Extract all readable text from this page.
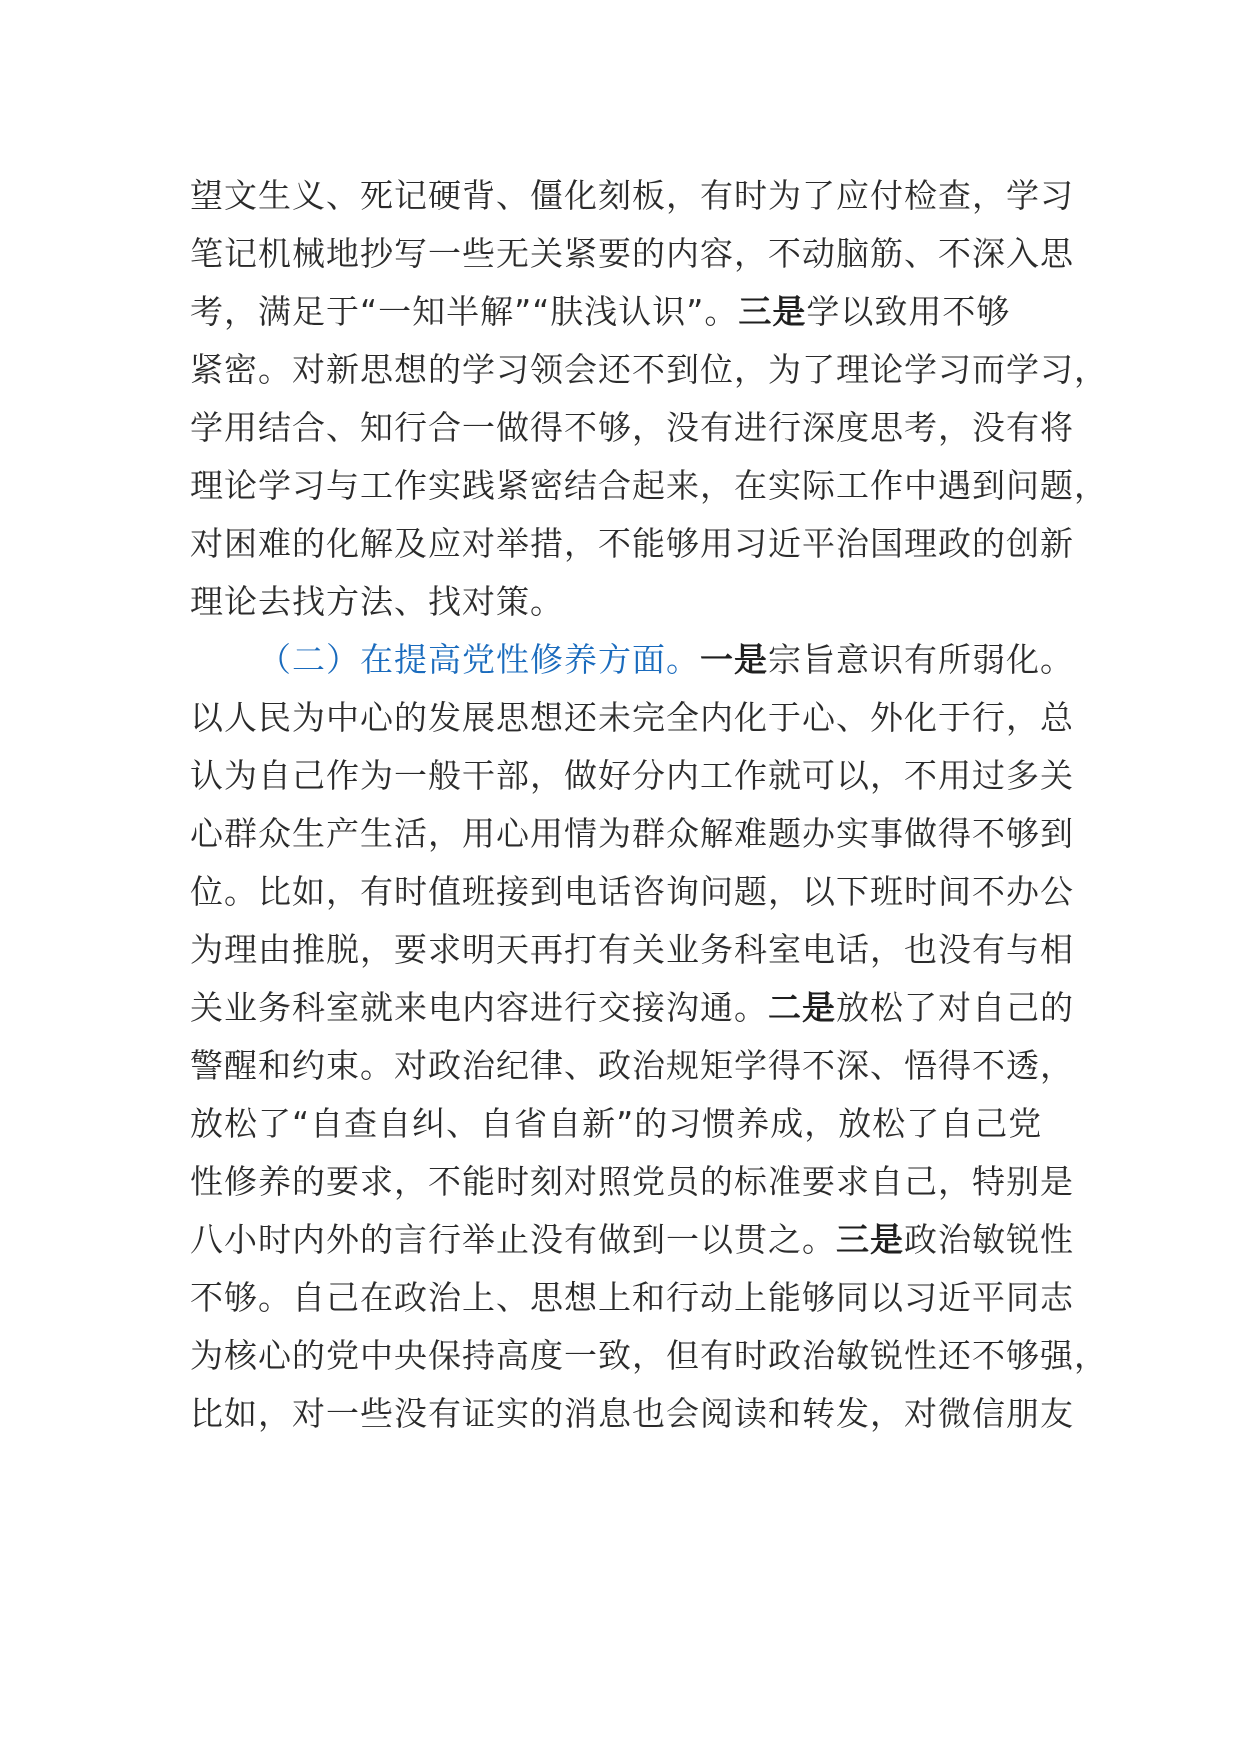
望文生义、死记硬背、僵化刻板，有时为了应付检查，学习
笔记机械地抄写一些无关紧要的内容，不动脑筋、不深入思
考，满足于“一知半解”“肤浅认识”。三是学以致用不够
紧密。对新思想的学习领会还不到位，为了理论学习而学习，
学用结合、知行合一做得不够，没有进行深度思考，没有将
理论学习与工作实践紧密结合起来，在实际工作中遇到问题，
对困难的化解及应对举措，不能够用习近平治国理政的创新
理论去找方法、找对策。
（二）在提高党性修养方面。一是宗旨意识有所弱化。
以人民为中心的发展思想还未完全内化于心、外化于行，总
认为自己作为一般干部，做好分内工作就可以，不用过多关
心群众生产生活，用心用情为群众解难题办实事做得不够到
位。比如，有时值班接到电话咨询问题，以下班时间不办公
为理由推脱，要求明天再打有关业务科室电话，也没有与相
关业务科室就来电内容进行交接沟通。二是放松了对自己的
警醒和约束。对政治纪律、政治规矩学得不深、悟得不透，
放松了“自查自纠、自省自新”的习惯养成，放松了自己党
性修养的要求，不能时刻对照党员的标准要求自己，特别是
八小时内外的言行举止没有做到一以贯之。三是政治敏锐性
不够。自己在政治上、思想上和行动上能够同以习近平同志
为核心的党中央保持高度一致，但有时政治敏锐性还不够强，
比如，对一些没有证实的消息也会阅读和转发，对微信朋友
